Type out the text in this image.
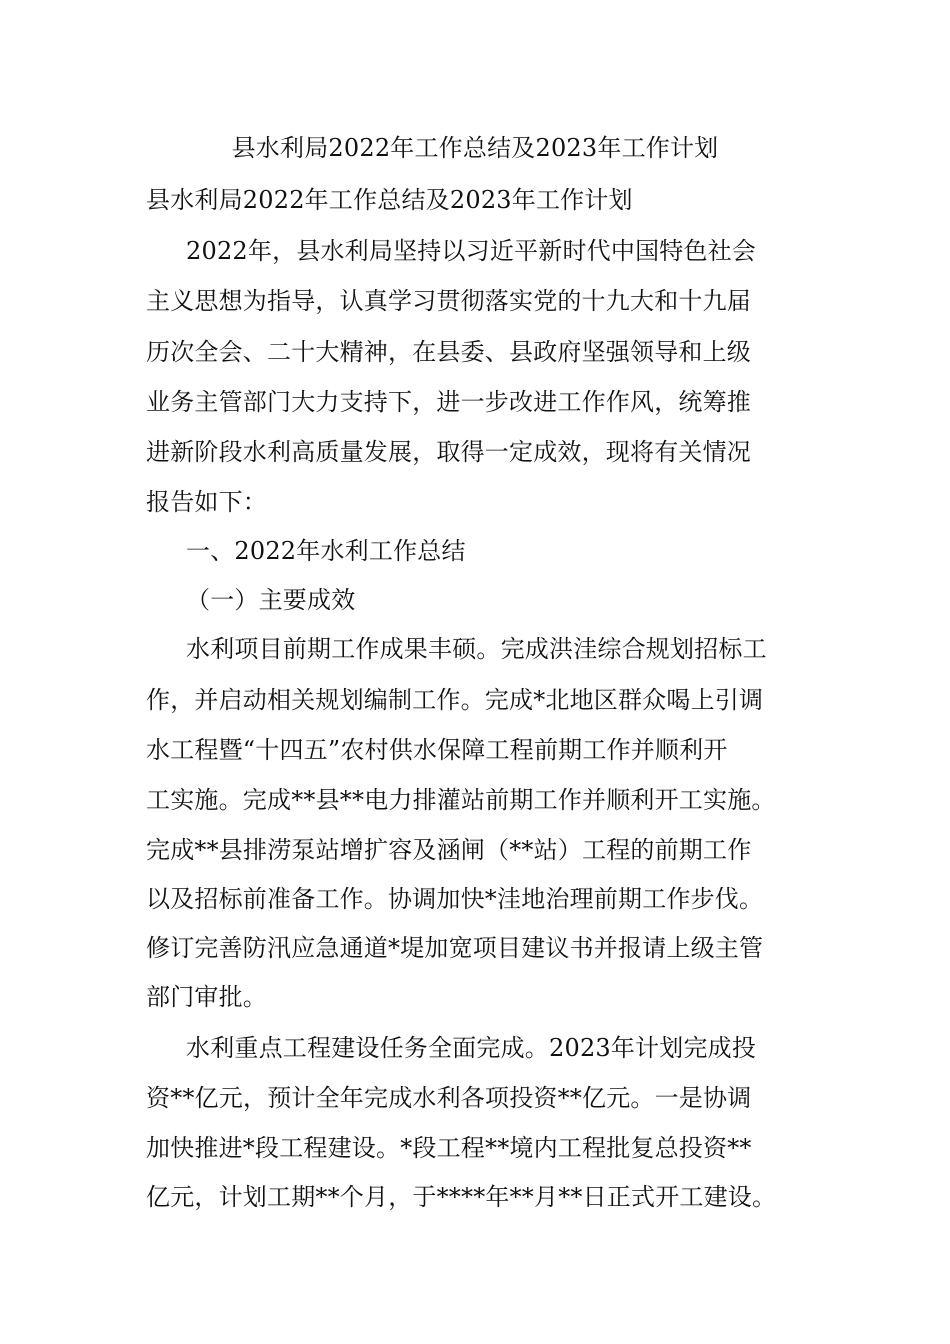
县水利局2022年工作总结及2023年工作计划
县水利局2022年工作总结及2023年工作计划
2022年，县水利局坚持以习近平新时代中国特色社会
主义思想为指导，认真学习贯彻落实党的十九大和十九届
历次全会、二十大精神，在县委、县政府坚强领导和上级
业务主管部门大力支持下，进一步改进工作作风，统筹推
进新阶段水利高质量发展，取得一定成效，现将有关情况
报告如下：
一、2022年水利工作总结
（一）主要成效
水利项目前期工作成果丰硕。完成洪洼综合规划招标工
作，并启动相关规划编制工作。完成*北地区群众喝上引调
水工程暨“十四五”农村供水保障工程前期工作并顺利开
工实施。完成**县**电力排灌站前期工作并顺利开工实施。
完成**县排涝泵站增扩容及涵闸（**站）工程的前期工作
以及招标前准备工作。协调加快*洼地治理前期工作步伐。
修订完善防汛应急通道*堤加宽项目建议书并报请上级主管
部门审批。
水利重点工程建设任务全面完成。2023年计划完成投
资**亿元，预计全年完成水利各项投资**亿元。一是协调
加快推进*段工程建设。*段工程**境内工程批复总投资**
亿元，计划工期**个月，于****年**月**日正式开工建设。
